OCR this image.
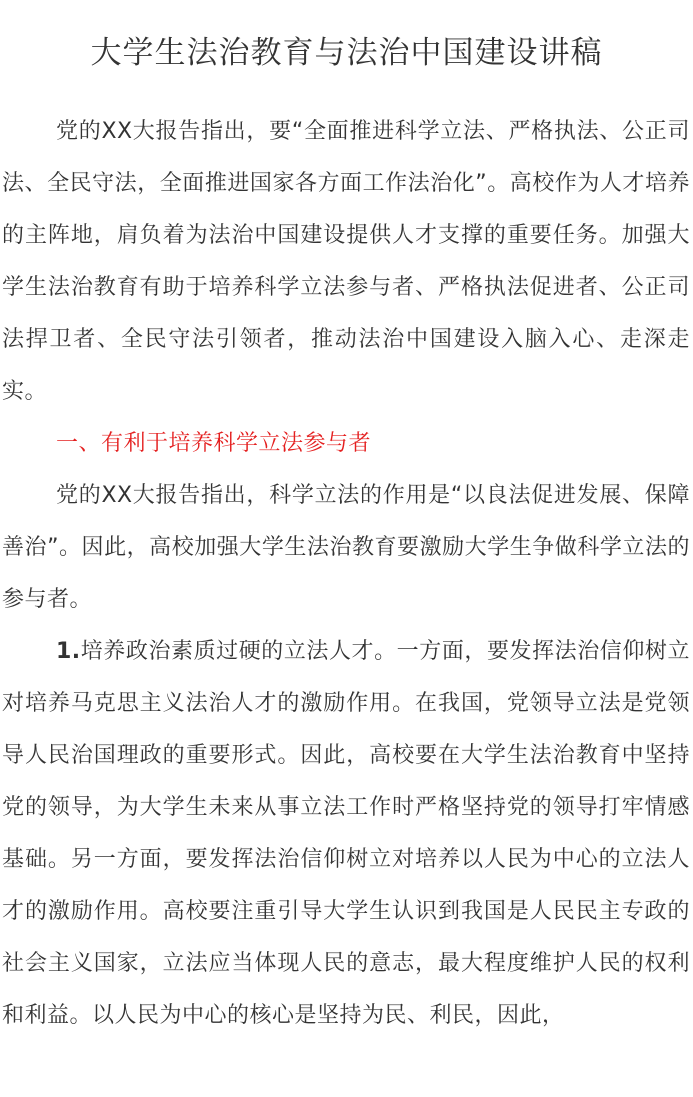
大学生法治教育与法治中国建设讲稿

党的XX大报告指出，要“全面推进科学立法、严格执法、公正司法、全民守法，全面推进国家各方面工作法治化”。高校作为人才培养的主阵地，肩负着为法治中国建设提供人才支撑的重要任务。加强大学生法治教育有助于培养科学立法参与者、严格执法促进者、公正司法捍卫者、全民守法引领者，推动法治中国建设入脑入心、走深走实。

一、有利于培养科学立法参与者

党的XX大报告指出，科学立法的作用是“以良法促进发展、保障善治”。因此，高校加强大学生法治教育要激励大学生争做科学立法的参与者。

1.培养政治素质过硬的立法人才。一方面，要发挥法治信仰树立对培养马克思主义法治人才的激励作用。在我国，党领导立法是党领导人民治国理政的重要形式。因此，高校要在大学生法治教育中坚持党的领导，为大学生未来从事立法工作时严格坚持党的领导打牢情感基础。另一方面，要发挥法治信仰树立对培养以人民为中心的立法人才的激励作用。高校要注重引导大学生认识到我国是人民民主专政的社会主义国家，立法应当体现人民的意志，最大程度维护人民的权利和利益。以人民为中心的核心是坚持为民、利民，因此，
